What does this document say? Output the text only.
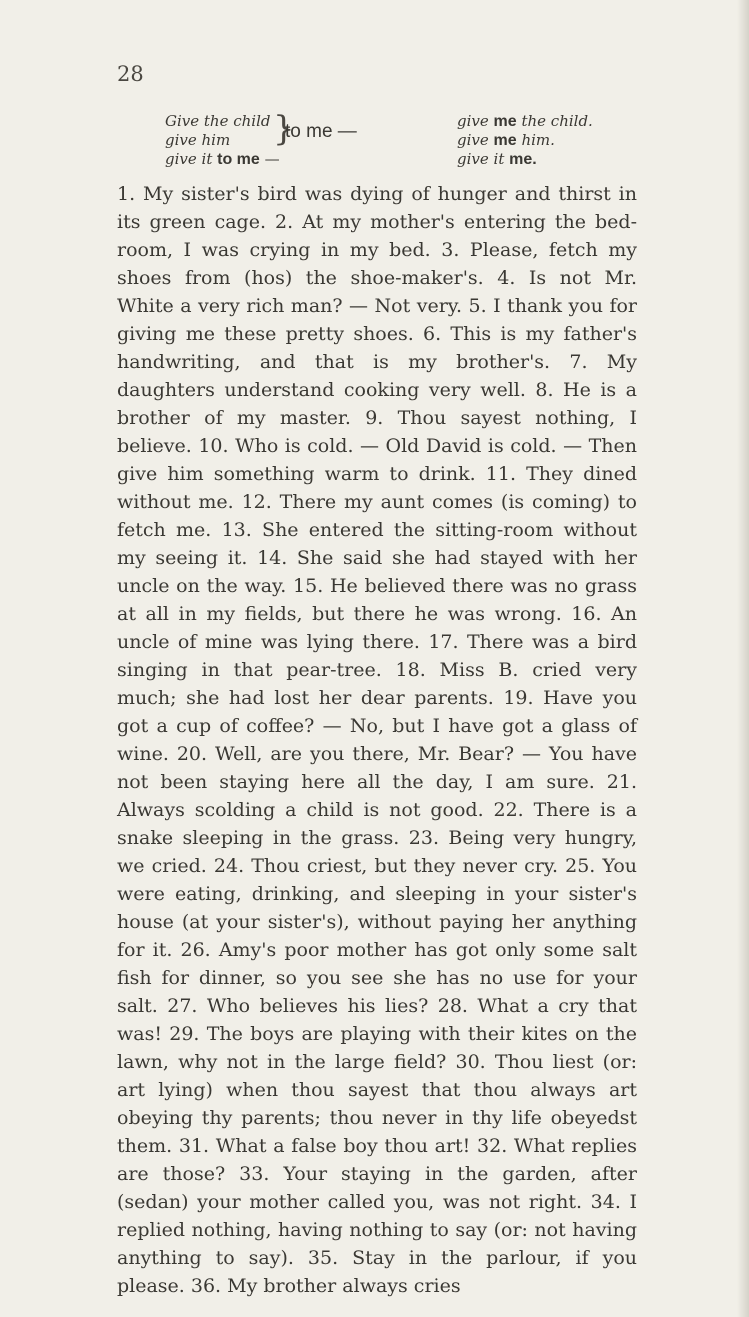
28
Give the child
give him
give it to me —
}
to me —	give me the child.
give me him.
give it me.
1. My sister's bird was dying of hunger and thirst in its green cage. 2. At my mother's entering the bed-room, I was crying in my bed. 3. Please, fetch my shoes from (hos) the shoe-maker's. 4. Is not Mr. White a very rich man? — Not very. 5. I thank you for giving me these pretty shoes. 6. This is my father's handwriting, and that is my brother's. 7. My daughters understand cooking very well. 8. He is a brother of my master. 9. Thou sayest nothing, I believe. 10. Who is cold. — Old David is cold. — Then give him something warm to drink. 11. They dined without me. 12. There my aunt comes (is coming) to fetch me. 13. She entered the sitting-room without my seeing it. 14. She said she had stayed with her uncle on the way. 15. He believed there was no grass at all in my fields, but there he was wrong. 16. An uncle of mine was lying there. 17. There was a bird singing in that pear-tree. 18. Miss B. cried very much; she had lost her dear parents. 19. Have you got a cup of coffee? — No, but I have got a glass of wine. 20. Well, are you there, Mr. Bear? — You have not been staying here all the day, I am sure. 21. Always scolding a child is not good. 22. There is a snake sleeping in the grass. 23. Being very hungry, we cried. 24. Thou criest, but they never cry. 25. You were eating, drinking, and sleeping in your sister's house (at your sister's), without paying her anything for it. 26. Amy's poor mother has got only some salt fish for dinner, so you see she has no use for your salt. 27. Who believes his lies? 28. What a cry that was! 29. The boys are playing with their kites on the lawn, why not in the large field? 30. Thou liest (or: art lying) when thou sayest that thou always art obeying thy parents; thou never in thy life obeyedst them. 31. What a false boy thou art! 32. What replies are those? 33. Your staying in the garden, after (sedan) your mother called you, was not right. 34. I replied nothing, having nothing to say (or: not having anything to say). 35. Stay in the parlour, if you please. 36. My brother always cries
